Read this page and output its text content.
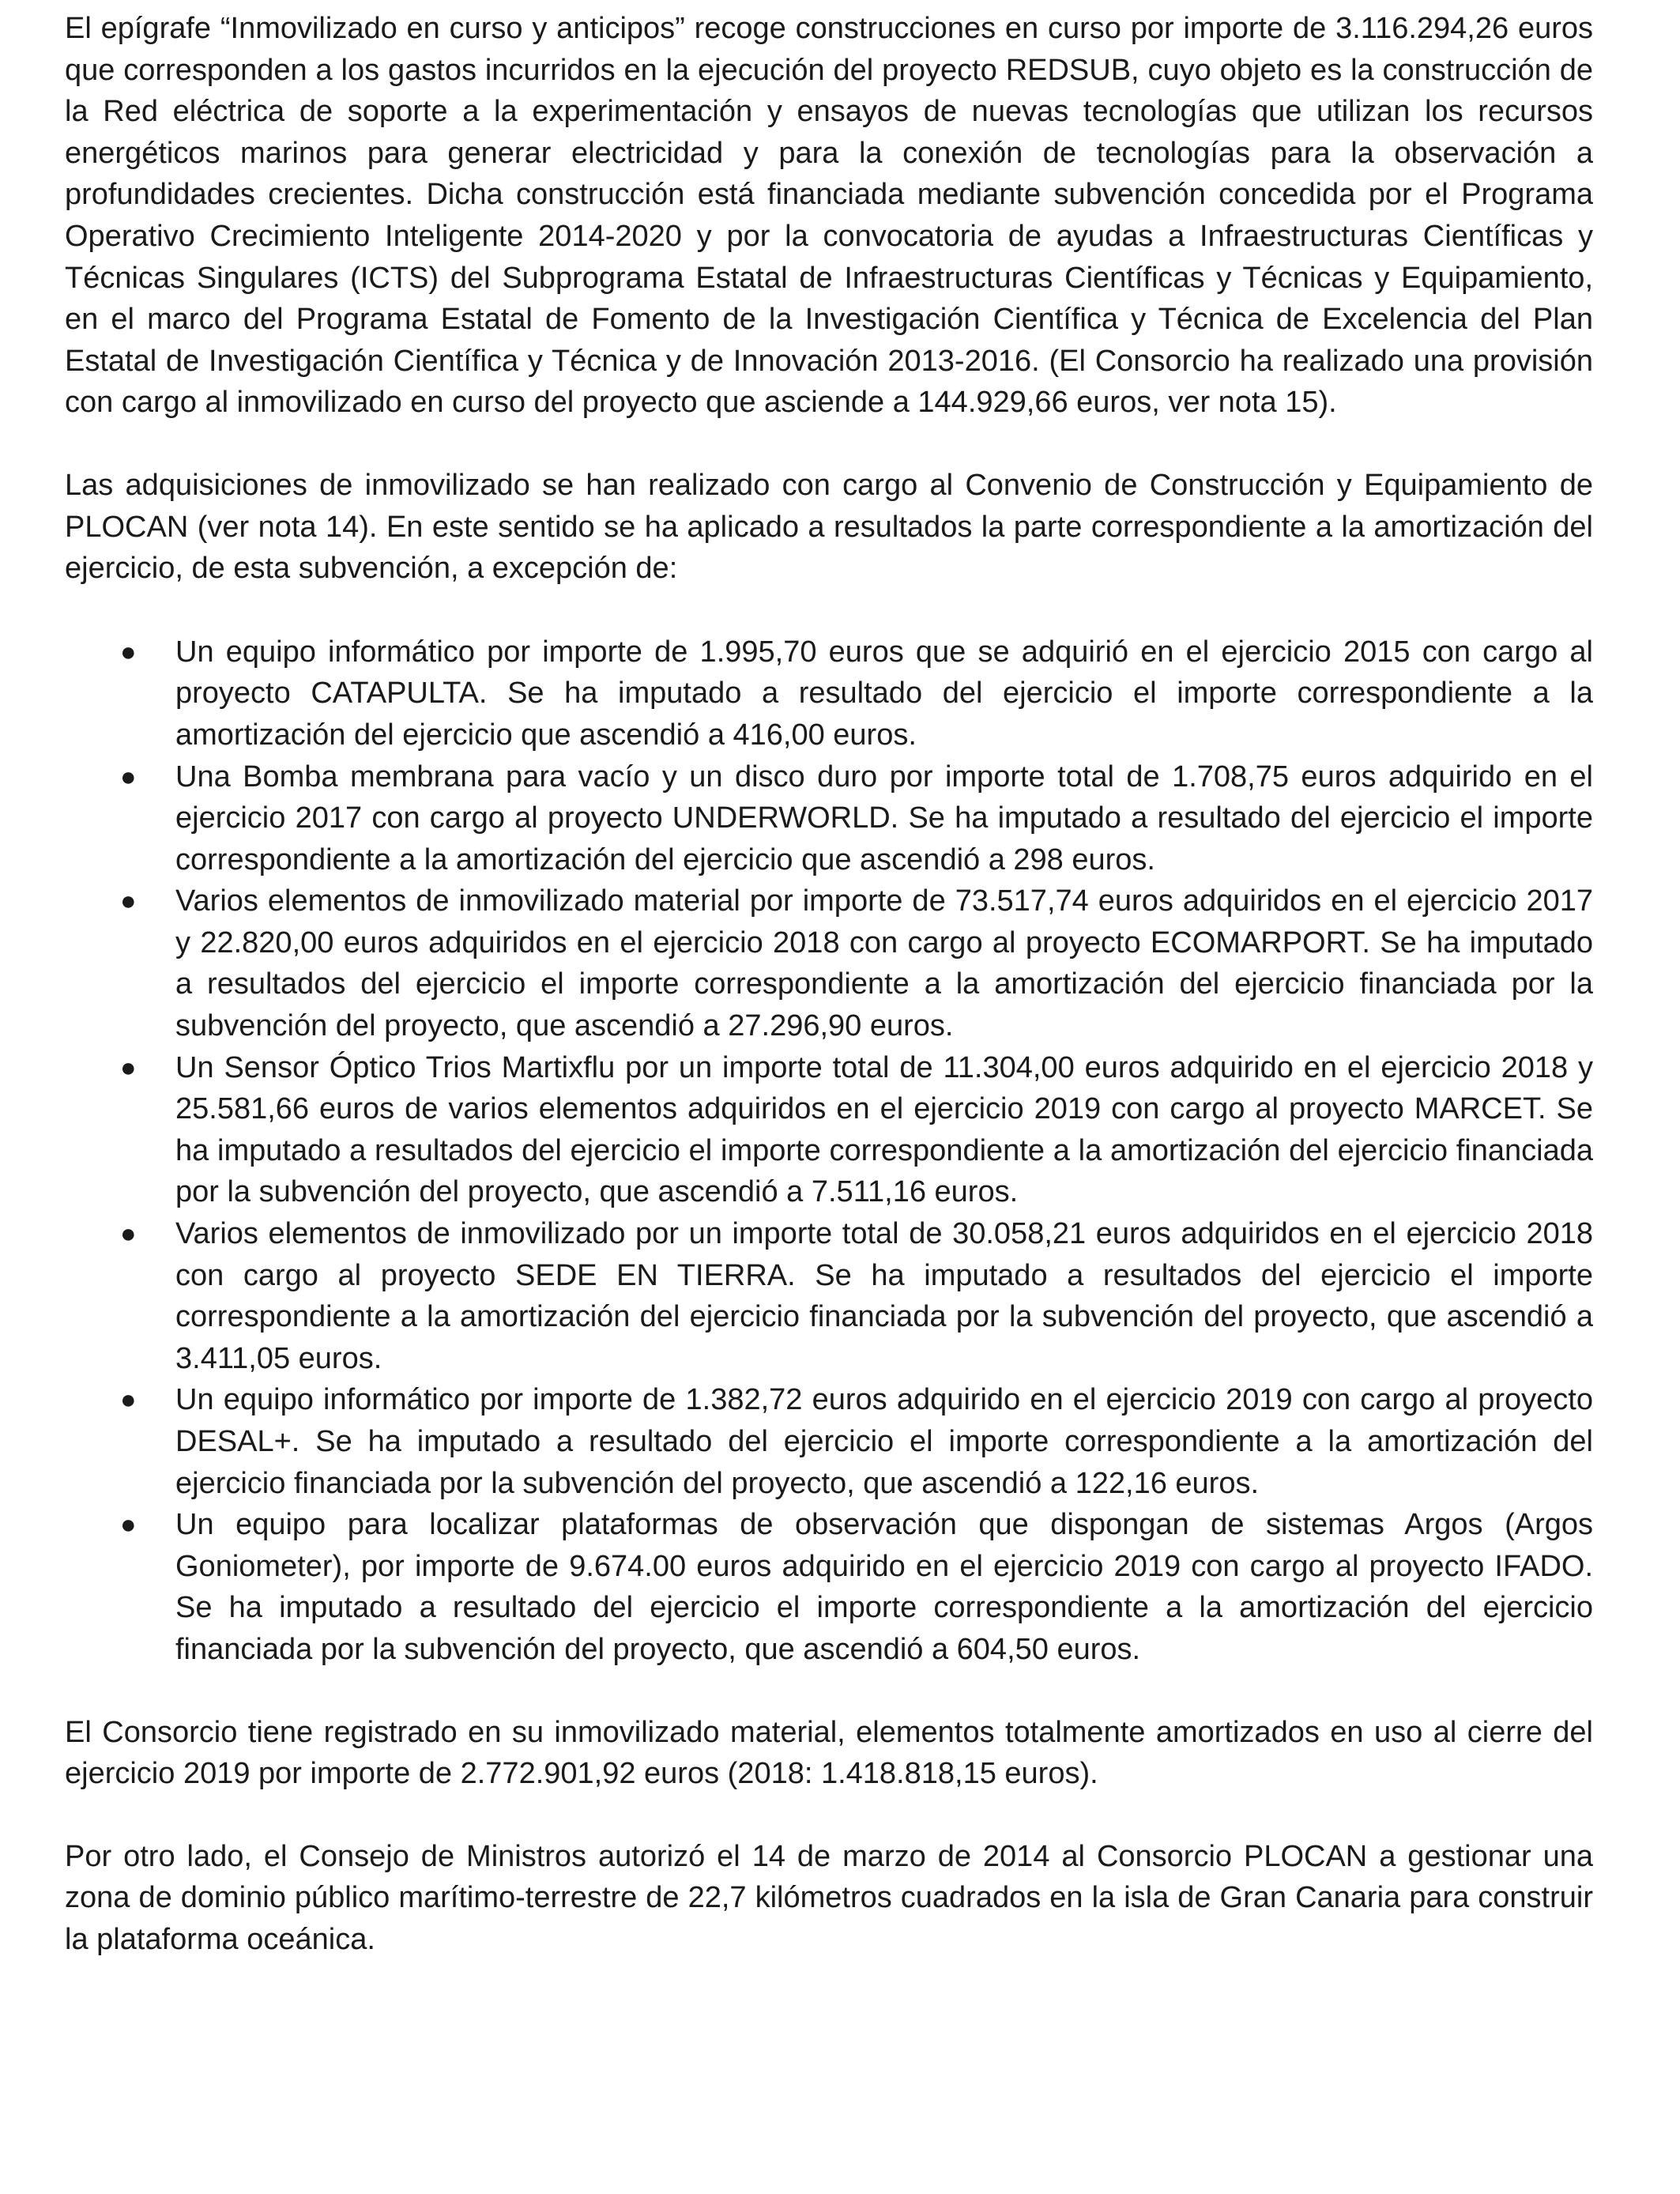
El epígrafe “Inmovilizado en curso y anticipos” recoge construcciones en curso por importe de 3.116.294,26 euros que corresponden a los gastos incurridos en la ejecución del proyecto REDSUB, cuyo objeto es la construcción de la Red eléctrica de soporte a la experimentación y ensayos de nuevas tecnologías que utilizan los recursos energéticos marinos para generar electricidad y para la conexión de tecnologías para la observación a profundidades crecientes. Dicha construcción está financiada mediante subvención concedida por el Programa Operativo Crecimiento Inteligente 2014-2020 y por la convocatoria de ayudas a Infraestructuras Científicas y Técnicas Singulares (ICTS) del Subprograma Estatal de Infraestructuras Científicas y Técnicas y Equipamiento, en el marco del Programa Estatal de Fomento de la Investigación Científica y Técnica de Excelencia del Plan Estatal de Investigación Científica y Técnica y de Innovación 2013-2016. (El Consorcio ha realizado una provisión con cargo al inmovilizado en curso del proyecto que asciende a 144.929,66 euros, ver nota 15).

Las adquisiciones de inmovilizado se han realizado con cargo al Convenio de Construcción y Equipamiento de PLOCAN (ver nota 14). En este sentido se ha aplicado a resultados la parte correspondiente a la amortización del ejercicio, de esta subvención, a excepción de:

● Un equipo informático por importe de 1.995,70 euros que se adquirió en el ejercicio 2015 con cargo al proyecto CATAPULTA. Se ha imputado a resultado del ejercicio el importe correspondiente a la amortización del ejercicio que ascendió a 416,00 euros.
● Una Bomba membrana para vacío y un disco duro por importe total de 1.708,75 euros adquirido en el ejercicio 2017 con cargo al proyecto UNDERWORLD. Se ha imputado a resultado del ejercicio el importe correspondiente a la amortización del ejercicio que ascendió a 298 euros.
● Varios elementos de inmovilizado material por importe de 73.517,74 euros adquiridos en el ejercicio 2017 y 22.820,00 euros adquiridos en el ejercicio 2018 con cargo al proyecto ECOMARPORT. Se ha imputado a resultados del ejercicio el importe correspondiente a la amortización del ejercicio financiada por la subvención del proyecto, que ascendió a 27.296,90 euros.
● Un Sensor Óptico Trios Martixflu por un importe total de 11.304,00 euros adquirido en el ejercicio 2018 y 25.581,66 euros de varios elementos adquiridos en el ejercicio 2019 con cargo al proyecto MARCET. Se ha imputado a resultados del ejercicio el importe correspondiente a la amortización del ejercicio financiada por la subvención del proyecto, que ascendió a 7.511,16 euros.
● Varios elementos de inmovilizado por un importe total de 30.058,21 euros adquiridos en el ejercicio 2018 con cargo al proyecto SEDE EN TIERRA. Se ha imputado a resultados del ejercicio el importe correspondiente a la amortización del ejercicio financiada por la subvención del proyecto, que ascendió a 3.411,05 euros.
● Un equipo informático por importe de 1.382,72 euros adquirido en el ejercicio 2019 con cargo al proyecto DESAL+. Se ha imputado a resultado del ejercicio el importe correspondiente a la amortización del ejercicio financiada por la subvención del proyecto, que ascendió a 122,16 euros.
● Un equipo para localizar plataformas de observación que dispongan de sistemas Argos (Argos Goniometer), por importe de 9.674.00 euros adquirido en el ejercicio 2019 con cargo al proyecto IFADO. Se ha imputado a resultado del ejercicio el importe correspondiente a la amortización del ejercicio financiada por la subvención del proyecto, que ascendió a 604,50 euros.

El Consorcio tiene registrado en su inmovilizado material, elementos totalmente amortizados en uso al cierre del ejercicio 2019 por importe de 2.772.901,92 euros (2018: 1.418.818,15 euros).

Por otro lado, el Consejo de Ministros autorizó el 14 de marzo de 2014 al Consorcio PLOCAN a gestionar una zona de dominio público marítimo-terrestre de 22,7 kilómetros cuadrados en la isla de Gran Canaria para construir la plataforma oceánica.
